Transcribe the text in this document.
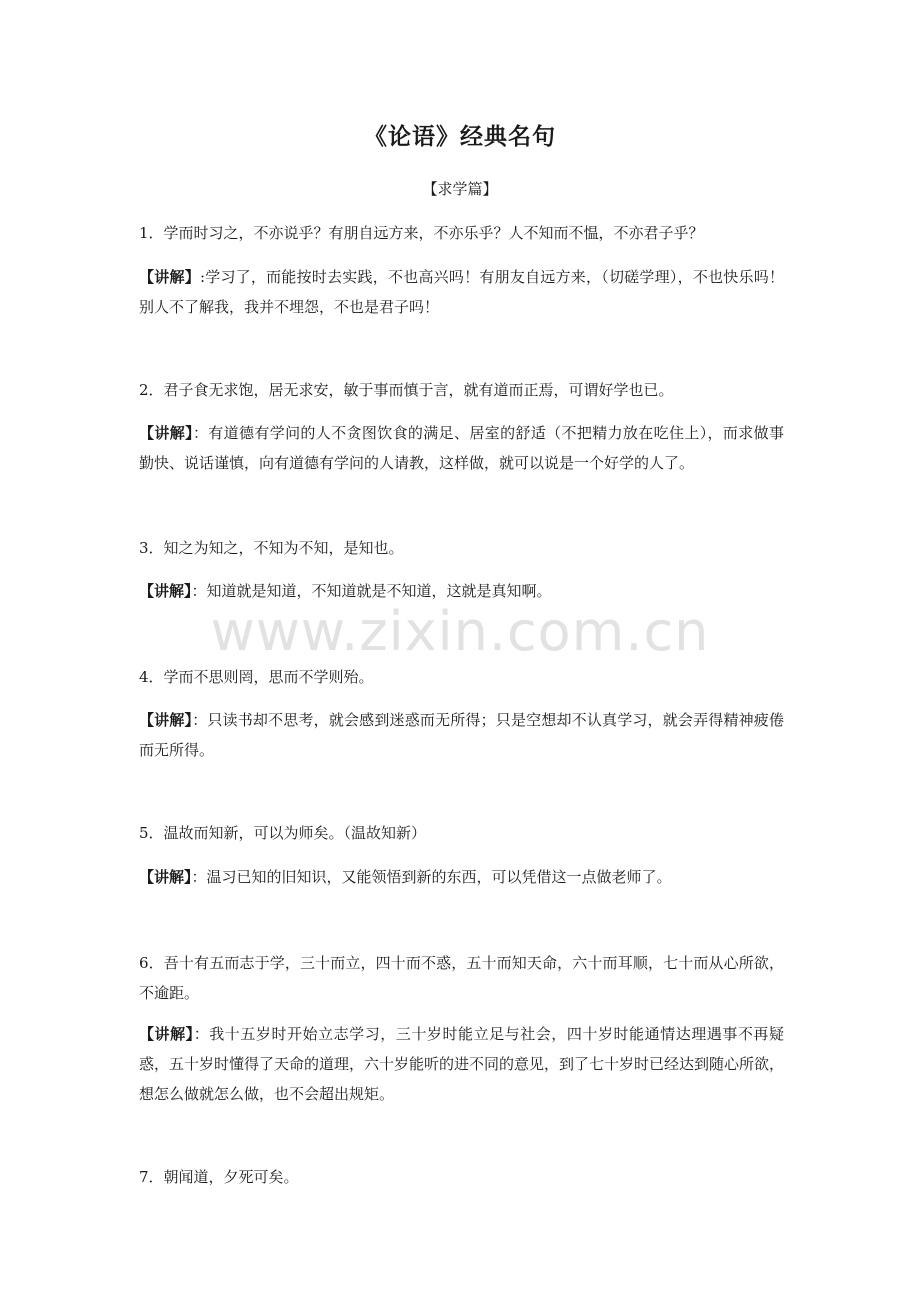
《论语》经典名句
【求学篇】
1．学而时习之，不亦说乎？有朋自远方来，不亦乐乎？人不知而不愠，不亦君子乎？
【讲解】:学习了，而能按时去实践，不也高兴吗！有朋友自远方来，（切磋学理），不也快乐吗！别人不了解我，我并不埋怨，不也是君子吗！
2．君子食无求饱，居无求安，敏于事而慎于言，就有道而正焉，可谓好学也已。
【讲解】：有道德有学问的人不贪图饮食的满足、居室的舒适（不把精力放在吃住上），而求做事勤快、说话谨慎，向有道德有学问的人请教，这样做，就可以说是一个好学的人了。
3．知之为知之，不知为不知，是知也。
【讲解】：知道就是知道，不知道就是不知道，这就是真知啊。
www.zixin.com.cn
4．学而不思则罔，思而不学则殆。
【讲解】：只读书却不思考，就会感到迷惑而无所得；只是空想却不认真学习，就会弄得精神疲倦而无所得。
5．温故而知新，可以为师矣。（温故知新）
【讲解】：温习已知的旧知识，又能领悟到新的东西，可以凭借这一点做老师了。
6．吾十有五而志于学，三十而立，四十而不惑，五十而知天命，六十而耳顺，七十而从心所欲，不逾距。
【讲解】：我十五岁时开始立志学习，三十岁时能立足与社会，四十岁时能通情达理遇事不再疑惑，五十岁时懂得了天命的道理，六十岁能听的进不同的意见，到了七十岁时已经达到随心所欲，想怎么做就怎么做，也不会超出规矩。
7．朝闻道，夕死可矣。
